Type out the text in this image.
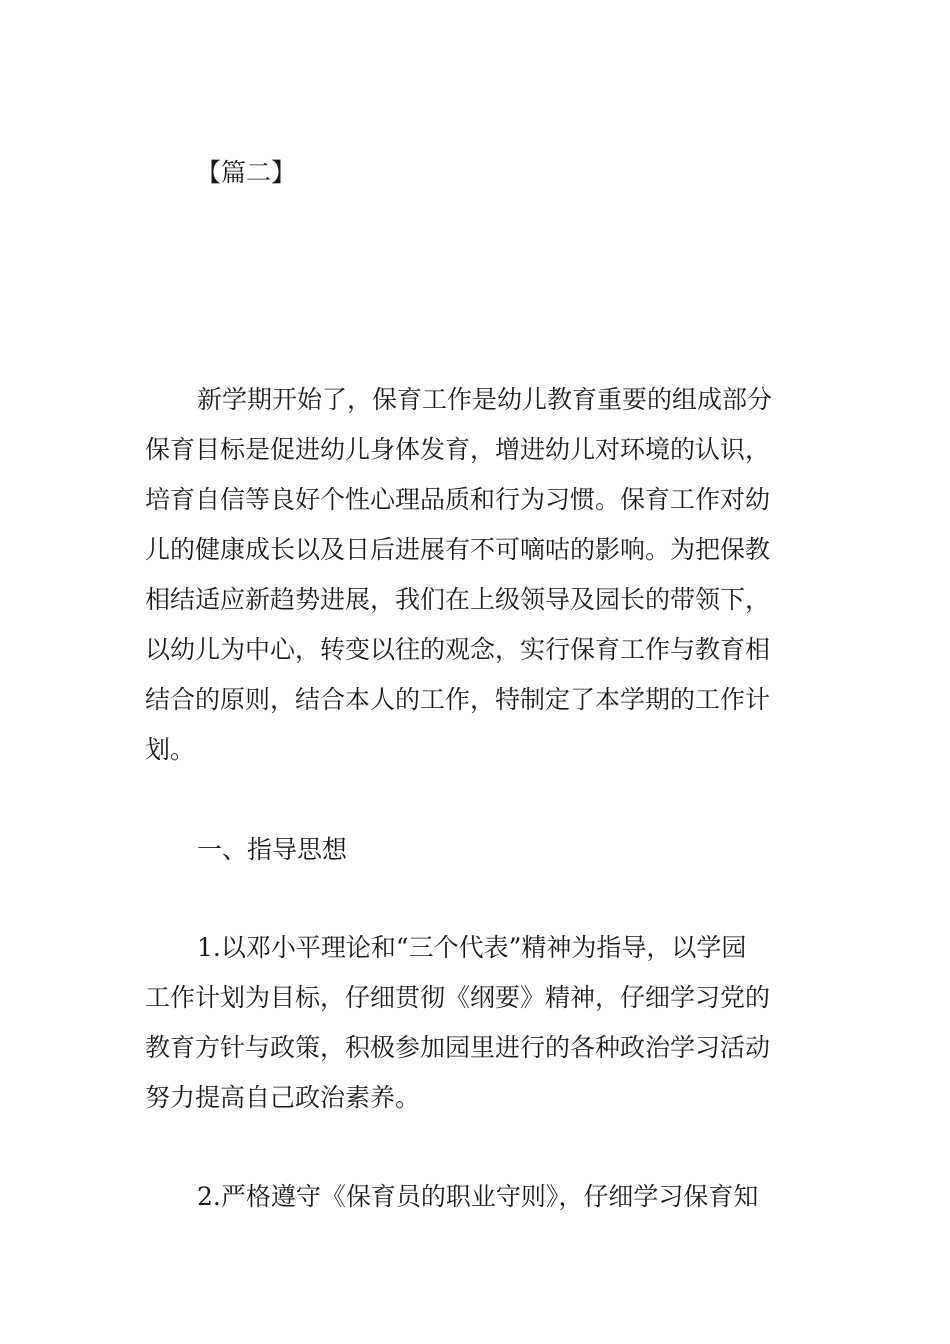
【篇二】
新学期开始了，保育工作是幼儿教育重要的组成部分
保育目标是促进幼儿身体发育，增进幼儿对环境的认识，
培育自信等良好个性心理品质和行为习惯。保育工作对幼
儿的健康成长以及日后进展有不可嘀咕的影响。为把保教
相结适应新趋势进展，我们在上级领导及园长的带领下，
以幼儿为中心，转变以往的观念，实行保育工作与教育相
结合的原则，结合本人的工作，特制定了本学期的工作计
划。
一、指导思想
1.以邓小平理论和“三个代表”精神为指导，以学园
工作计划为目标，仔细贯彻《纲要》精神，仔细学习党的
教育方针与政策，积极参加园里进行的各种政治学习活动
努力提高自己政治素养。
2.严格遵守《保育员的职业守则》，仔细学习保育知
